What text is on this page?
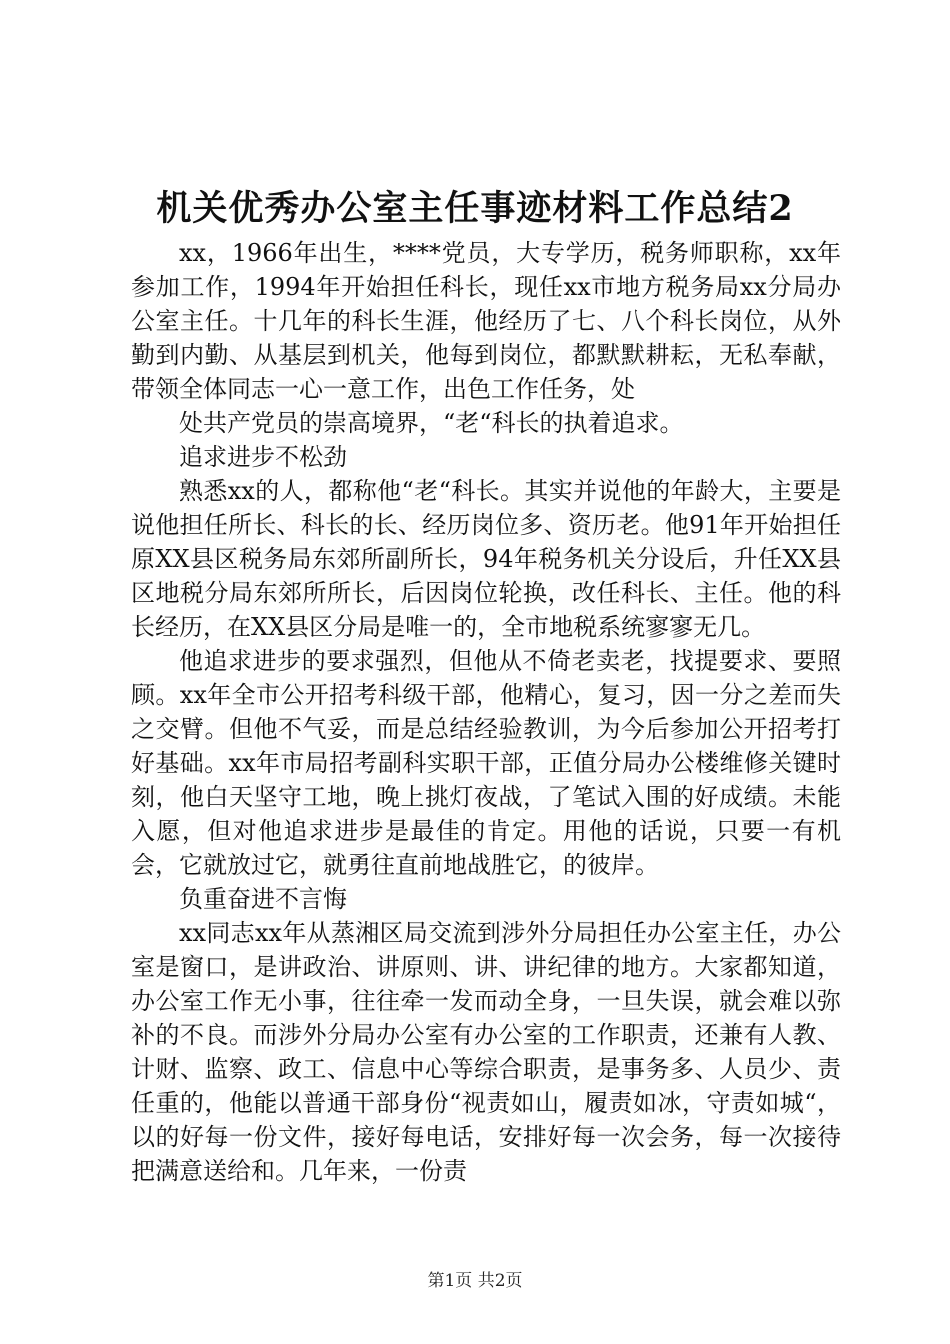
机关优秀办公室主任事迹材料工作总结2

xx，1966年出生，****党员，大专学历，税务师职称，xx年参加工作，1994年开始担任科长，现任xx市地方税务局xx分局办公室主任。十几年的科长生涯，他经历了七、八个科长岗位，从外勤到内勤、从基层到机关，他每到岗位，都默默耕耘，无私奉献，带领全体同志一心一意工作，出色工作任务，处

处共产党员的崇高境界，“老“科长的执着追求。

追求进步不松劲

熟悉xx的人，都称他“老“科长。其实并说他的年龄大，主要是说他担任所长、科长的长、经历岗位多、资历老。他91年开始担任原XX县区税务局东郊所副所长，94年税务机关分设后，升任XX县区地税分局东郊所所长，后因岗位轮换，改任科长、主任。他的科长经历，在XX县区分局是唯一的，全市地税系统寥寥无几。

他追求进步的要求强烈，但他从不倚老卖老，找提要求、要照顾。xx年全市公开招考科级干部，他精心，复习，因一分之差而失之交臂。但他不气妥，而是总结经验教训，为今后参加公开招考打好基础。xx年市局招考副科实职干部，正值分局办公楼维修关键时刻，他白天坚守工地，晚上挑灯夜战，了笔试入围的好成绩。未能入愿，但对他追求进步是最佳的肯定。用他的话说，只要一有机会，它就放过它，就勇往直前地战胜它，的彼岸。

负重奋进不言悔

xx同志xx年从蒸湘区局交流到涉外分局担任办公室主任，办公室是窗口，是讲政治、讲原则、讲、讲纪律的地方。大家都知道，办公室工作无小事，往往牵一发而动全身，一旦失误，就会难以弥补的不良。而涉外分局办公室有办公室的工作职责，还兼有人教、计财、监察、政工、信息中心等综合职责，是事务多、人员少、责任重的，他能以普通干部身份“视责如山，履责如冰，守责如城“，以的好每一份文件，接好每电话，安排好每一次会务，每一次接待把满意送给和。几年来，一份责

第1页 共2页
